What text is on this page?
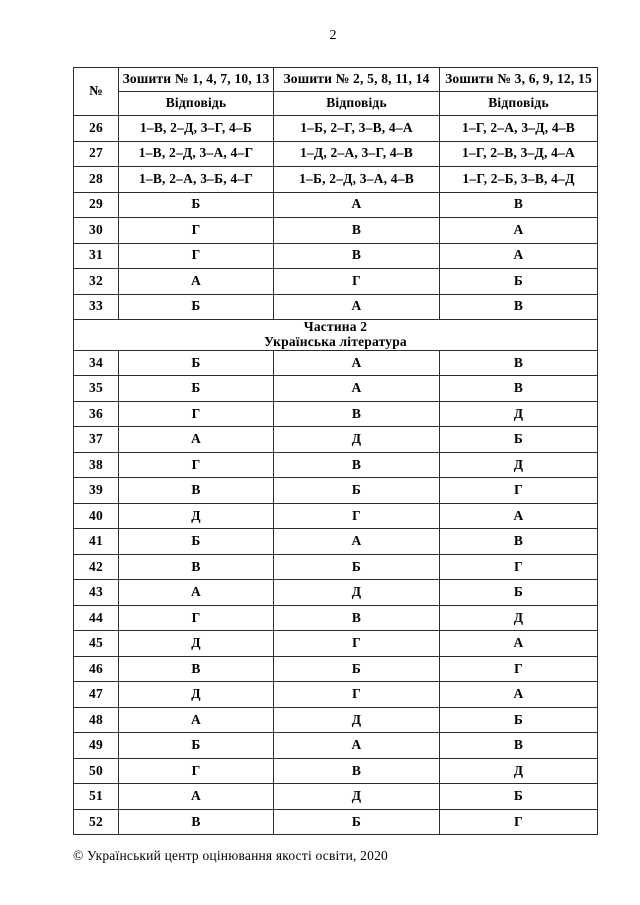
2
№	Зошити № 1, 4, 7, 10, 13	Зошити № 2, 5, 8, 11, 14	Зошити № 3, 6, 9, 12, 15
	Відповідь	Відповідь	Відповідь
26	1–В, 2–Д, 3–Г, 4–Б	1–Б, 2–Г, 3–В, 4–А	1–Г, 2–А, 3–Д, 4–В
27	1–В, 2–Д, 3–А, 4–Г	1–Д, 2–А, 3–Г, 4–В	1–Г, 2–В, 3–Д, 4–А
28	1–В, 2–А, 3–Б, 4–Г	1–Б, 2–Д, 3–А, 4–В	1–Г, 2–Б, 3–В, 4–Д
29	Б	А	В
30	Г	В	А
31	Г	В	А
32	А	Г	Б
33	Б	А	В

Частина 2
Українська література			

34	Б	А	В
35	Б	А	В
36	Г	В	Д
37	А	Д	Б
38	Г	В	Д
39	В	Б	Г
40	Д	Г	А
41	Б	А	В
42	В	Б	Г
43	А	Д	Б
44	Г	В	Д
45	Д	Г	А
46	В	Б	Г
47	Д	Г	А
48	А	Д	Б
49	Б	А	В
50	Г	В	Д
51	А	Д	Б
52	В	Б	Г
© Український центр оцінювання якості освіти, 2020
